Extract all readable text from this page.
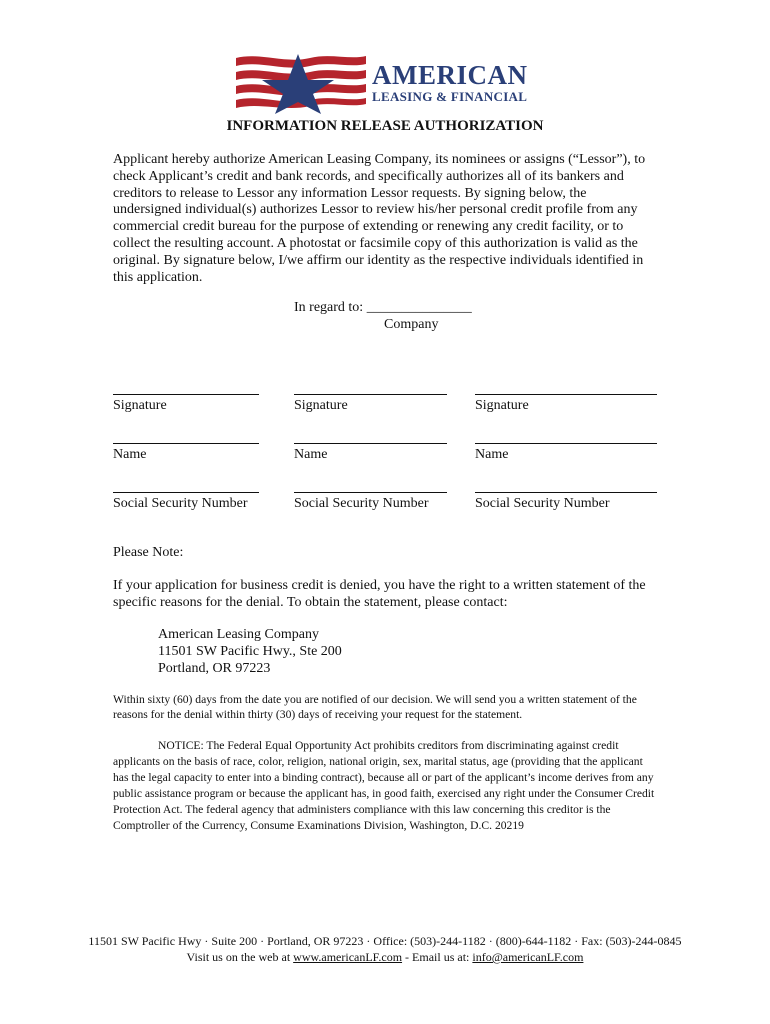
AMERICAN
LEASING & FINANCIAL
INFORMATION RELEASE AUTHORIZATION
Applicant hereby authorize American Leasing Company, its nominees or assigns (“Lessor”), to check Applicant’s credit and bank records, and specifically authorizes all of its bankers and creditors to release to Lessor any information Lessor requests. By signing below, the undersigned individual(s) authorizes Lessor to review his/her personal credit profile from any commercial credit bureau for the purpose of extending or renewing any credit facility, or to collect the resulting account. A photostat or facsimile copy of this authorization is valid as the original. By signature below, I/we affirm our identity as the respective individuals identified in this application.
In regard to: _______________
Company
Signature
Name
Social Security Number
Signature
Name
Social Security Number
Signature
Name
Social Security Number
Please Note:
If your application for business credit is denied, you have the right to a written statement of the specific reasons for the denial. To obtain the statement, please contact:
American Leasing Company
11501 SW Pacific Hwy., Ste 200
Portland, OR 97223
Within sixty (60) days from the date you are notified of our decision. We will send you a written statement of the reasons for the denial within thirty (30) days of receiving your request for the statement.

NOTICE: The Federal Equal Opportunity Act prohibits creditors from discriminating against credit applicants on the basis of race, color, religion, national origin, sex, marital status, age (providing that the applicant has the legal capacity to enter into a binding contract), because all or part of the applicant’s income derives from any public assistance program or because the applicant has, in good faith, exercised any right under the Consumer Credit Protection Act. The federal agency that administers compliance with this law concerning this creditor is the Comptroller of the Currency, Consume Examinations Division, Washington, D.C. 20219

11501 SW Pacific Hwy · Suite 200 · Portland, OR 97223 · Office: (503)-244-1182 · (800)-644-1182 · Fax: (503)-244-0845
Visit us on the web at www.americanLF.com - Email us at: info@americanLF.com
